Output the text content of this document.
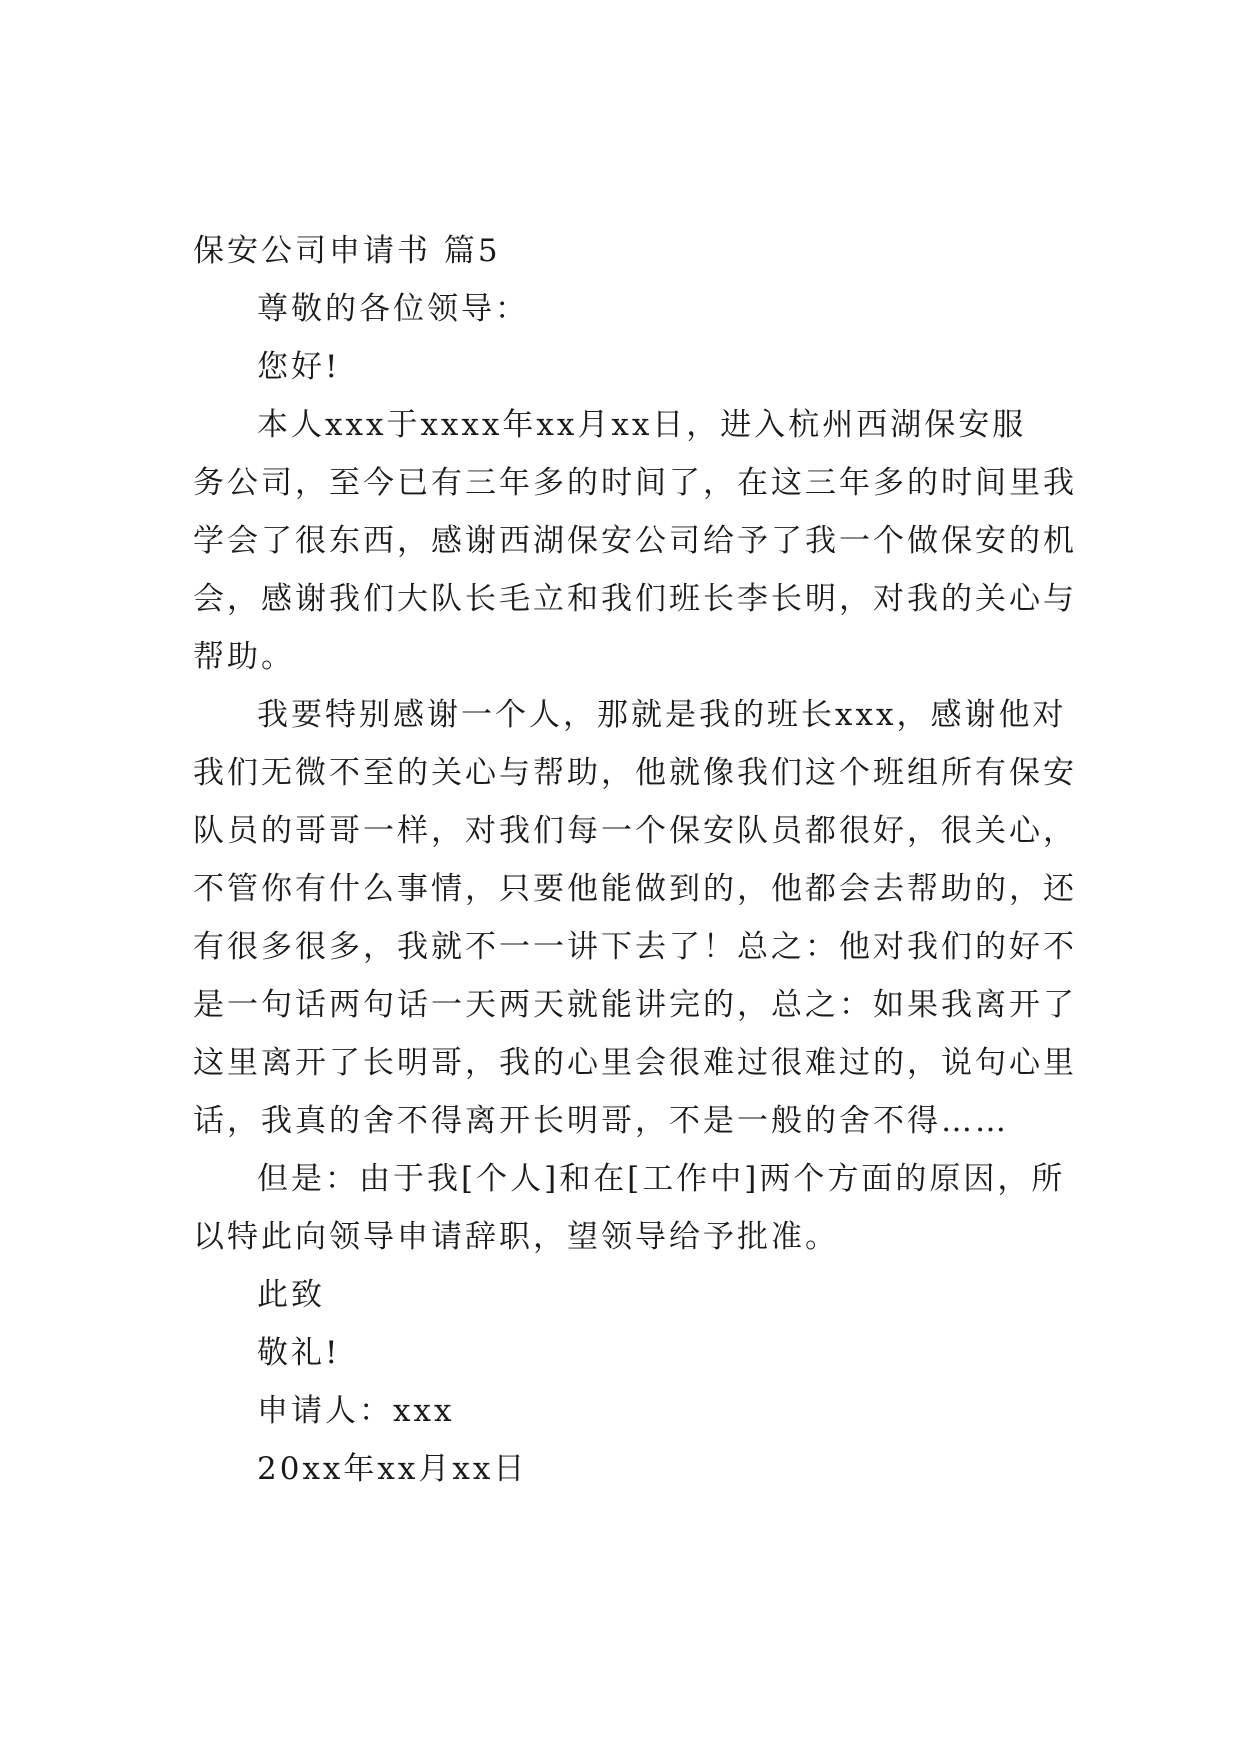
保安公司申请书 篇5
尊敬的各位领导：
您好!
本人xxx于xxxx年xx月xx日，进入杭州西湖保安服
务公司，至今已有三年多的时间了，在这三年多的时间里我
学会了很东西，感谢西湖保安公司给予了我一个做保安的机
会，感谢我们大队长毛立和我们班长李长明，对我的关心与
帮助。
我要特别感谢一个人，那就是我的班长xxx，感谢他对
我们无微不至的关心与帮助，他就像我们这个班组所有保安
队员的哥哥一样，对我们每一个保安队员都很好，很关心，
不管你有什么事情，只要他能做到的，他都会去帮助的，还
有很多很多，我就不一一讲下去了！总之：他对我们的好不
是一句话两句话一天两天就能讲完的，总之：如果我离开了
这里离开了长明哥，我的心里会很难过很难过的，说句心里
话，我真的舍不得离开长明哥，不是一般的舍不得……
但是：由于我[个人]和在[工作中]两个方面的原因，所
以特此向领导申请辞职，望领导给予批准。
此致
敬礼!
申请人：xxx
20xx年xx月xx日
